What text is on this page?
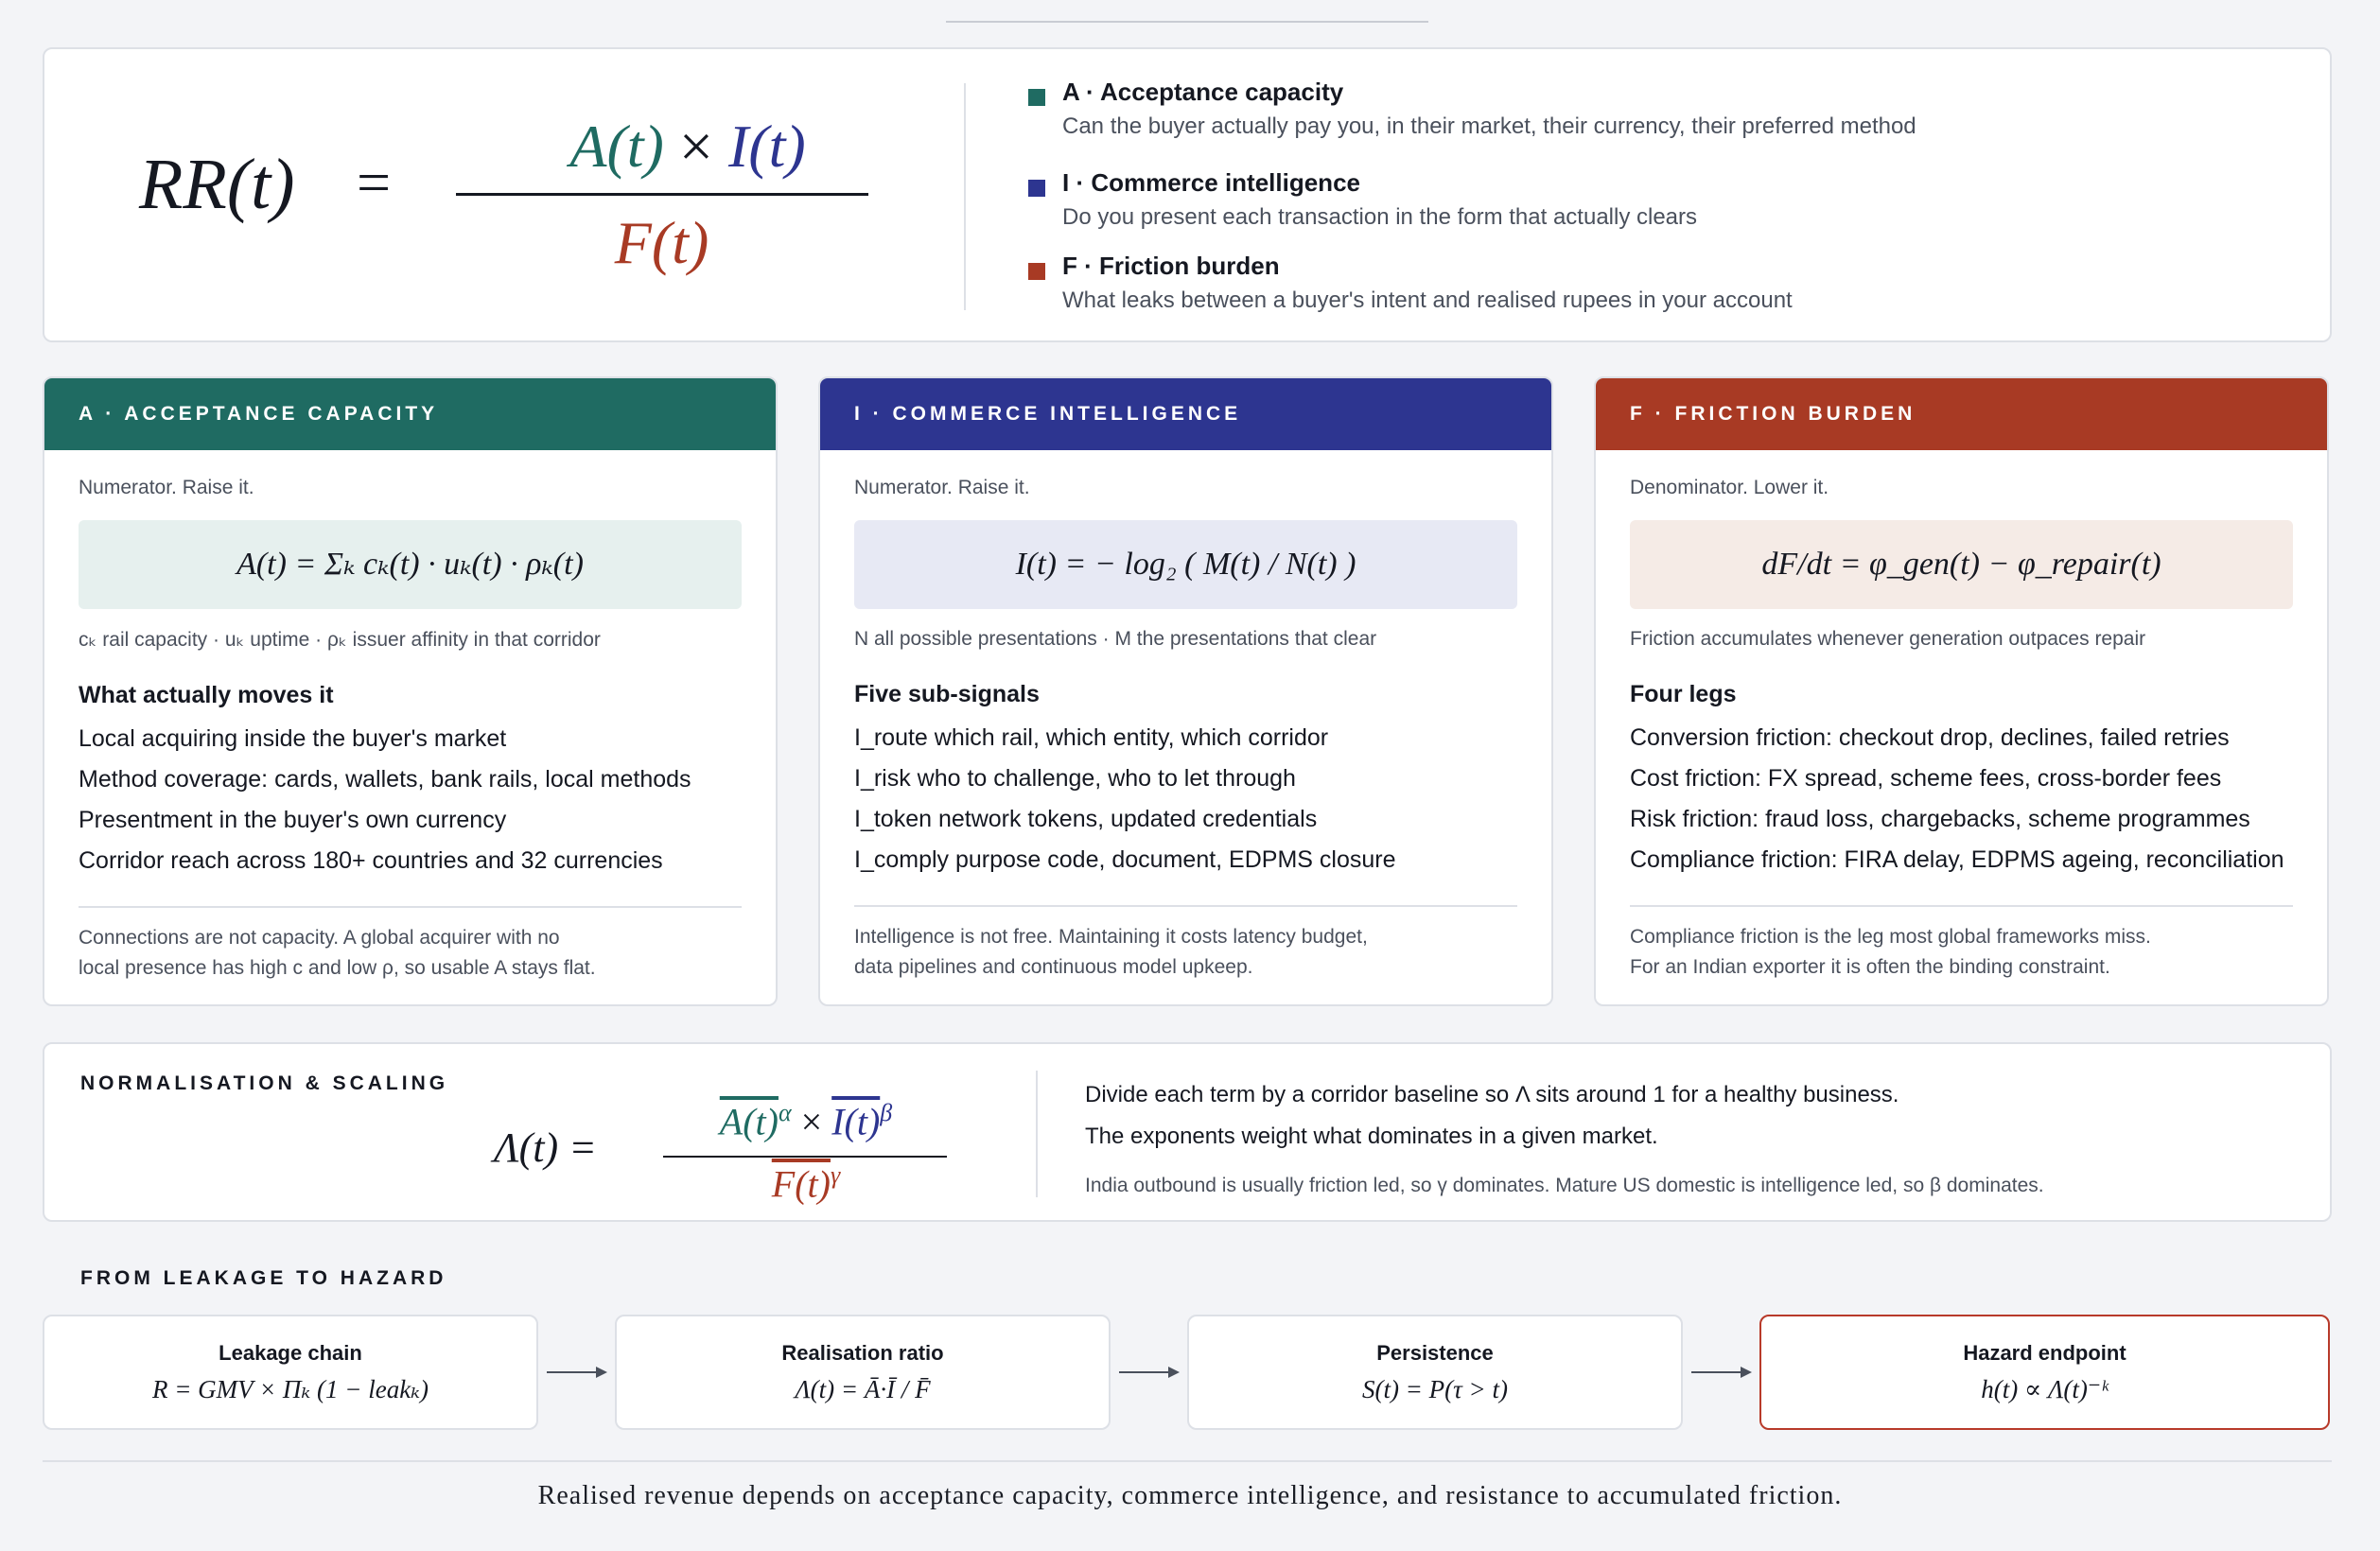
RR(t) =
A(t) × I(t)
F(t)
A · Acceptance capacity
Can the buyer actually pay you, in their market, their currency, their preferred method
I · Commerce intelligence
Do you present each transaction in the form that actually clears
F · Friction burden
What leaks between a buyer's intent and realised rupees in your account
A · ACCEPTANCE CAPACITY
Numerator. Raise it.
A(t) = Σₖ cₖ(t) · uₖ(t) · ρₖ(t)
cₖ rail capacity · uₖ uptime · ρₖ issuer affinity in that corridor
What actually moves it
Local acquiring inside the buyer's market
Method coverage: cards, wallets, bank rails, local methods
Presentment in the buyer's own currency
Corridor reach across 180+ countries and 32 currencies
Connections are not capacity. A global acquirer with no
local presence has high c and low ρ, so usable A stays flat.
I · COMMERCE INTELLIGENCE
Numerator. Raise it.
I(t) = − log₂ ( M(t) / N(t) )
N all possible presentations · M the presentations that clear
Five sub-signals
I_route which rail, which entity, which corridor
I_risk who to challenge, who to let through
I_token network tokens, updated credentials
I_comply purpose code, document, EDPMS closure
Intelligence is not free. Maintaining it costs latency budget,
data pipelines and continuous model upkeep.
F · FRICTION BURDEN
Denominator. Lower it.
dF/dt = φ_gen(t) − φ_repair(t)
Friction accumulates whenever generation outpaces repair
Four legs
Conversion friction: checkout drop, declines, failed retries
Cost friction: FX spread, scheme fees, cross-border fees
Risk friction: fraud loss, chargebacks, scheme programmes
Compliance friction: FIRA delay, EDPMS ageing, reconciliation
Compliance friction is the leg most global frameworks miss.
For an Indian exporter it is often the binding constraint.
NORMALISATION & SCALING
Λ(t) =
$A(t)^\alpha \times I(t)^\beta$
$F(t)^\gamma$
Divide each term by a corridor baseline so Λ sits around 1 for a healthy business.
The exponents weight what dominates in a given market.
India outbound is usually friction led, so γ dominates. Mature US domestic is intelligence led, so β dominates.
FROM LEAKAGE TO HAZARD
Leakage chain
R = GMV × Πₖ (1 − leakₖ)
Realisation ratio
Λ(t) = Ā·Ī / F̄
Persistence
S(t) = P(τ > t)
Hazard endpoint
h(t) ∝ Λ(t)⁻ᵏ
Realised revenue depends on acceptance capacity, commerce intelligence, and resistance to accumulated friction.
